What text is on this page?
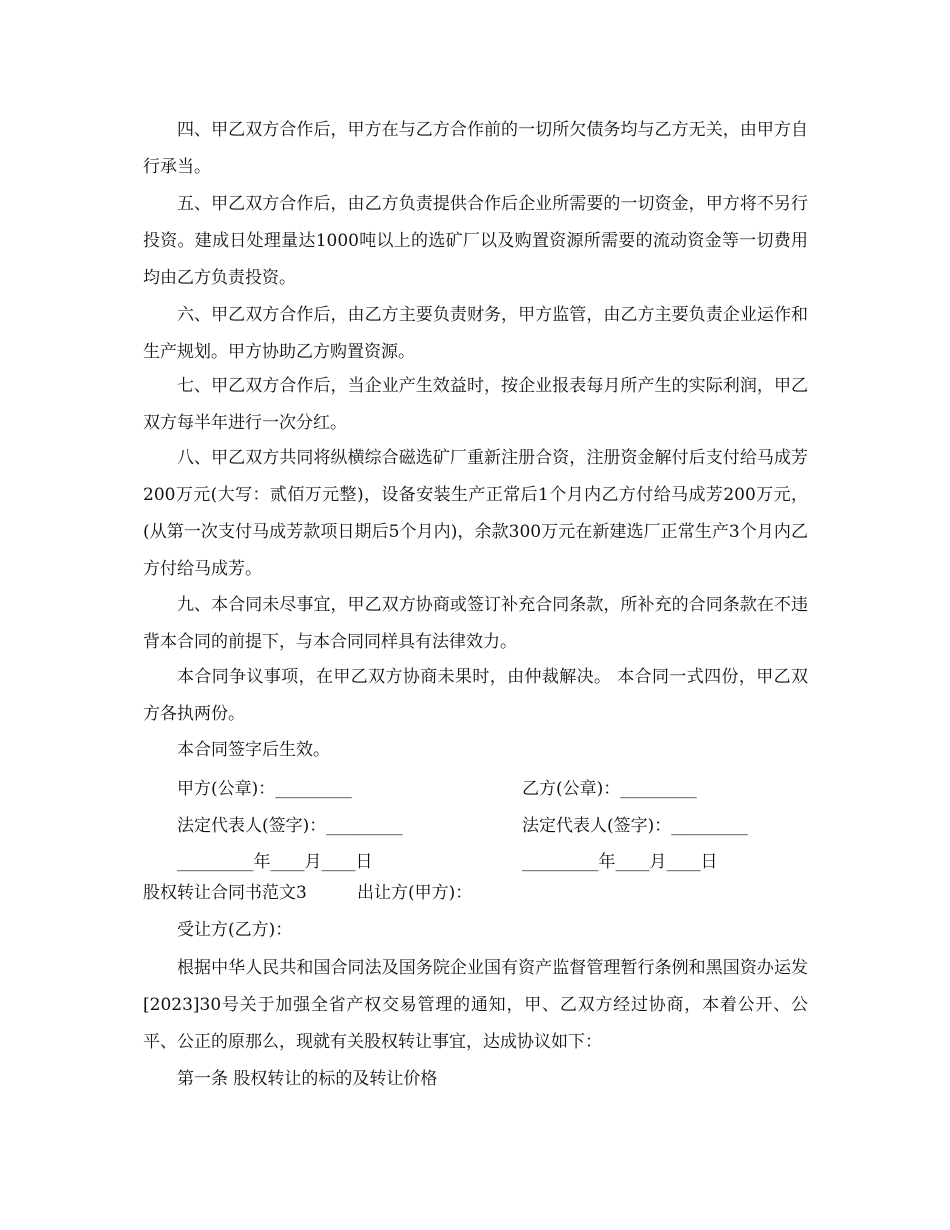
四、甲乙双方合作后，甲方在与乙方合作前的一切所欠债务均与乙方无关，由甲方自行承当。

五、甲乙双方合作后，由乙方负责提供合作后企业所需要的一切资金，甲方将不另行投资。建成日处理量达1000吨以上的选矿厂以及购置资源所需要的流动资金等一切费用均由乙方负责投资。

六、甲乙双方合作后，由乙方主要负责财务，甲方监管，由乙方主要负责企业运作和生产规划。甲方协助乙方购置资源。

七、甲乙双方合作后，当企业产生效益时，按企业报表每月所产生的实际利润，甲乙双方每半年进行一次分红。

八、甲乙双方共同将纵横综合磁选矿厂重新注册合资，注册资金解付后支付给马成芳200万元(大写：贰佰万元整)，设备安装生产正常后1个月内乙方付给马成芳200万元，(从第一次支付马成芳款项日期后5个月内)，余款300万元在新建选厂正常生产3个月内乙方付给马成芳。

九、本合同未尽事宜，甲乙双方协商或签订补充合同条款，所补充的合同条款在不违背本合同的前提下，与本合同同样具有法律效力。

本合同争议事项，在甲乙双方协商未果时，由仲裁解决。 本合同一式四份，甲乙双方各执两份。

本合同签字后生效。

甲方(公章)：_________	乙方(公章)：_________
法定代表人(签字)：_________	法定代表人(签字)：_________
_________年____月____日	_________年____月____日

股权转让合同书范文3	出让方(甲方)：

受让方(乙方)：

根据中华人民共和国合同法及国务院企业国有资产监督管理暂行条例和黑国资办运发[2023]30号关于加强全省产权交易管理的通知，甲、乙双方经过协商，本着公开、公平、公正的原那么，现就有关股权转让事宜，达成协议如下：

第一条 股权转让的标的及转让价格
